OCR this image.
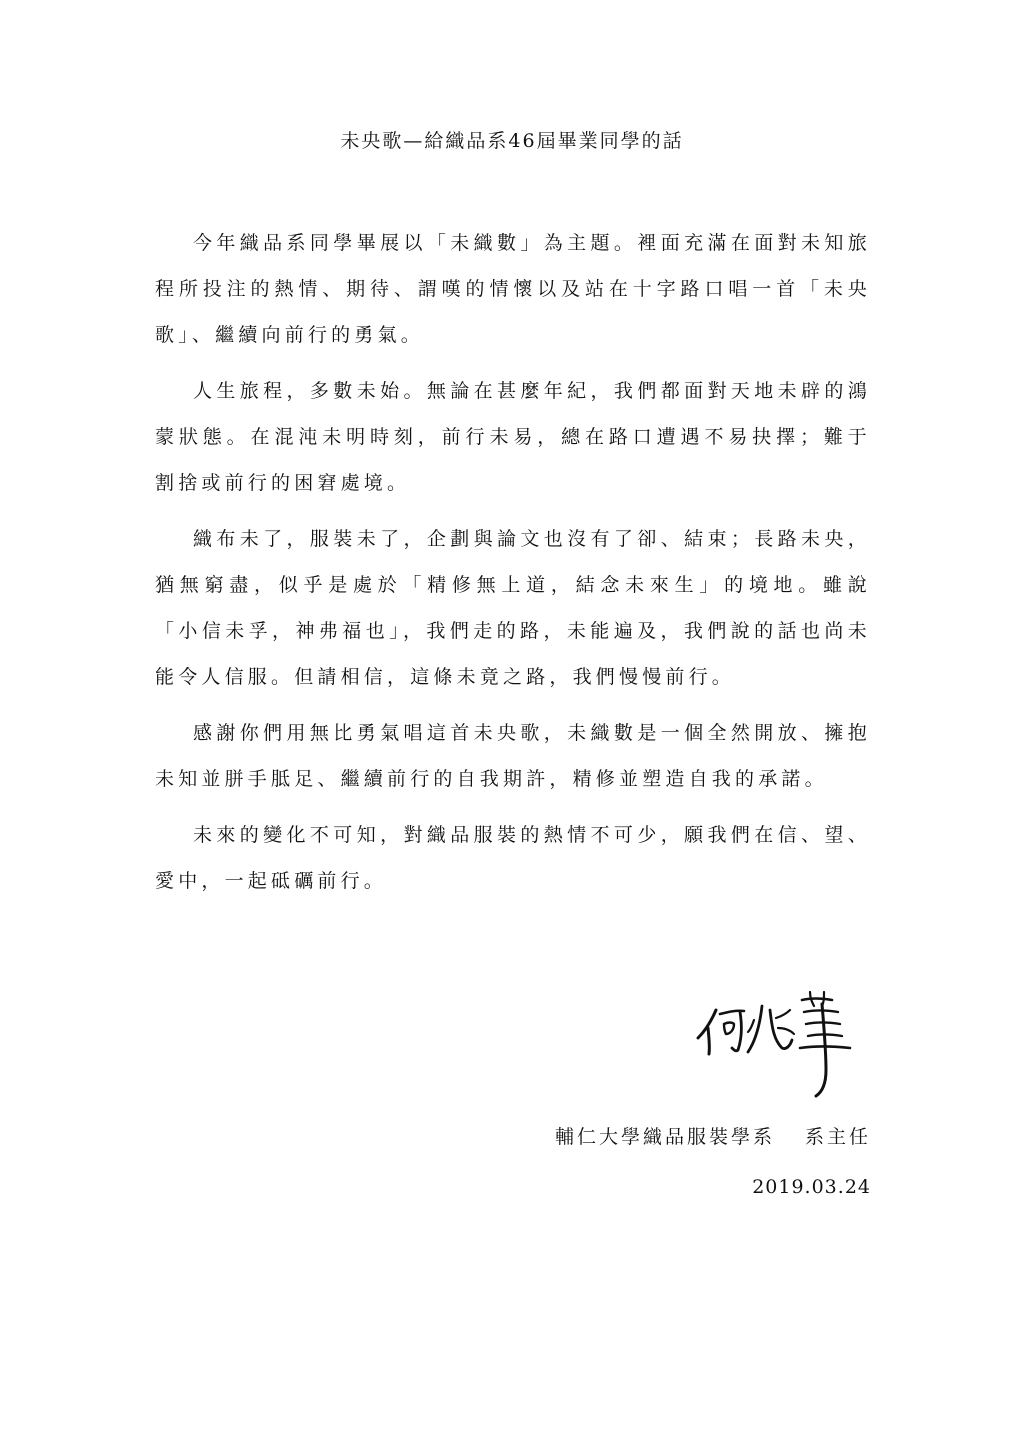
未央歌—給織品系46屆畢業同學的話

今年織品系同學畢展以「未織數」為主題。裡面充滿在面對未知旅程所投注的熱情、期待、謂嘆的情懷以及站在十字路口唱一首「未央歌」、繼續向前行的勇氣。

人生旅程，多數未始。無論在甚麼年紀，我們都面對天地未辟的鴻蒙狀態。在混沌未明時刻，前行未易，總在路口遭遇不易抉擇；難于割捨或前行的困窘處境。

織布未了，服裝未了，企劃與論文也沒有了卻、結束；長路未央，猶無窮盡，似乎是處於「精修無上道，結念未來生」的境地。雖說「小信未孚，神弗福也」，我們走的路，未能遍及，我們說的話也尚未能令人信服。但請相信，這條未竟之路，我們慢慢前行。

感謝你們用無比勇氣唱這首未央歌，未織數是一個全然開放、擁抱未知並胼手胝足、繼續前行的自我期許，精修並塑造自我的承諾。

未來的變化不可知，對織品服裝的熱情不可少，願我們在信、望、愛中，一起砥礪前行。

輔仁大學織品服裝學系 系主任
2019.03.24
